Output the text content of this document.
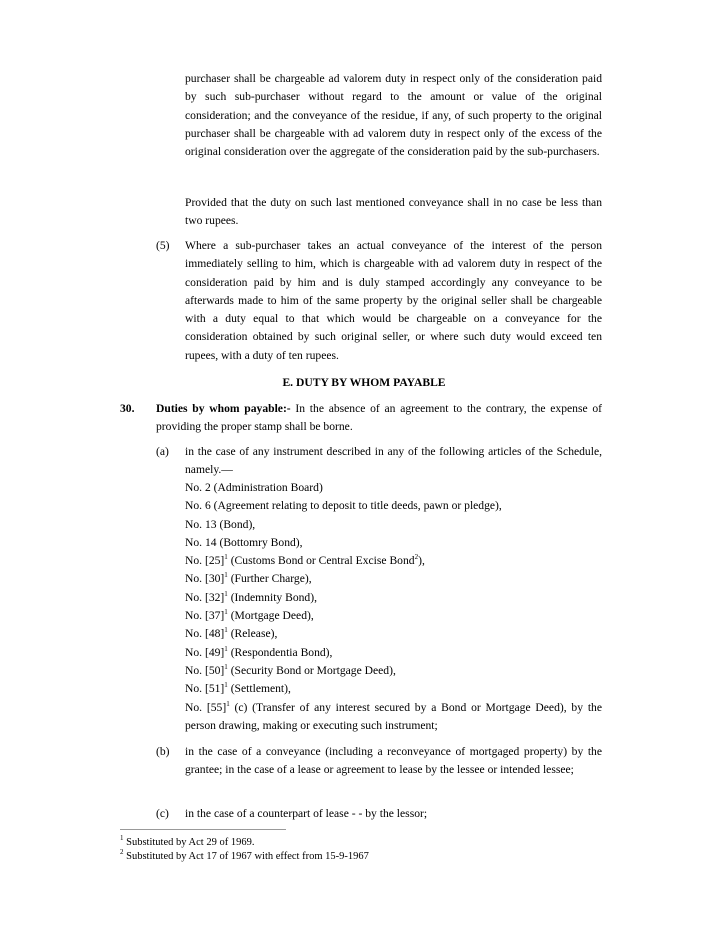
purchaser shall be chargeable ad valorem duty in respect only of the consideration paid by such sub-purchaser without regard to the amount or value of the original consideration; and the conveyance of the residue, if any, of such property to the original purchaser shall be chargeable with ad valorem duty in respect only of the excess of the original consideration over the aggregate of the consideration paid by the sub-purchasers.

Provided that the duty on such last mentioned conveyance shall in no case be less than two rupees.

(5) Where a sub-purchaser takes an actual conveyance of the interest of the person immediately selling to him, which is chargeable with ad valorem duty in respect of the consideration paid by him and is duly stamped accordingly any conveyance to be afterwards made to him of the same property by the original seller shall be chargeable with a duty equal to that which would be chargeable on a conveyance for the consideration obtained by such original seller, or where such duty would exceed ten rupees, with a duty of ten rupees.

E. DUTY BY WHOM PAYABLE

30. Duties by whom payable:- In the absence of an agreement to the contrary, the expense of providing the proper stamp shall be borne.

(a) in the case of any instrument described in any of the following articles of the Schedule, namely.—

No. 2 (Administration Board)
No. 6 (Agreement relating to deposit to title deeds, pawn or pledge),
No. 13 (Bond),
No. 14 (Bottomry Bond),
No. $[25]^1$ (Customs Bond or Central Excise Bond$^2$),
No. $[30]^1$ (Further Charge),
No. $[32]^1$ (Indemnity Bond),
No. $[37]^1$ (Mortgage Deed),
No. $[48]^1$ (Release),
No. $[49]^1$ (Respondentia Bond),
No. $[50]^1$ (Security Bond or Mortgage Deed),
No. $[51]^1$ (Settlement),

No. $[55]^1$ (c) (Transfer of any interest secured by a Bond or Mortgage Deed), by the person drawing, making or executing such instrument;

(b) in the case of a conveyance (including a reconveyance of mortgaged property) by the grantee; in the case of a lease or agreement to lease by the lessee or intended lessee;

(c) in the case of a counterpart of lease - - by the lessor;

$^1$ Substituted by Act 29 of 1969.

$^2$ Substituted by Act 17 of 1967 with effect from 15-9-1967
